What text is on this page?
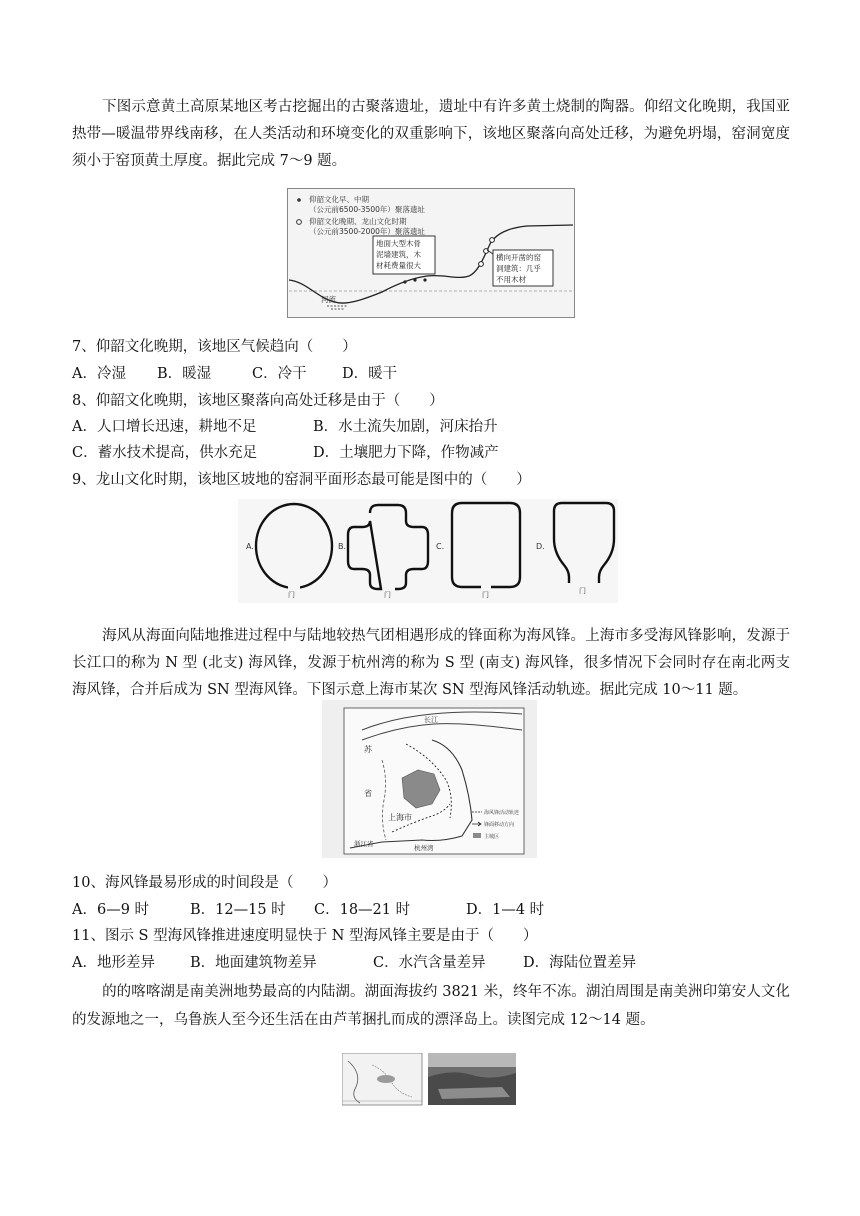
下图示意黄土高原某地区考古挖掘出的古聚落遗址，遗址中有许多黄土烧制的陶器。仰绍文化晚期，我国亚热带—暖温带界线南移，在人类活动和环境变化的双重影响下，该地区聚落向高处迁移，为避免坍塌，窑洞宽度须小于窑顶黄土厚度。据此完成 7～9 题。

仰韶文化早、中期
（公元前6500-3500年）聚落遗址
仰韶文化晚期、龙山文化时期
（公元前3500-2000年）聚落遗址
河流
地面大型木骨
泥墙建筑，木
材耗费量很大
横向开凿的窑
洞建筑：几乎
不用木材

7、仰韶文化晚期，该地区气候趋向（　　）

A．冷湿 B．暖湿	C．冷干 D．暖干

8、仰韶文化晚期，该地区聚落向高处迁移是由于（　　）

A．人口增长迅速，耕地不足	B．水土流失加剧，河床抬升
C．蓄水技术提高，供水充足	D．土壤肥力下降，作物减产

9、龙山文化时期，该地区坡地的窑洞平面形态最可能是图中的（　　）

A.
门
B.
门
C.
门
D.
门

海风从海面向陆地推进过程中与陆地较热气团相遇形成的锋面称为海风锋。上海市多受海风锋影响，发源于长江口的称为 N 型 (北支) 海风锋，发源于杭州湾的称为 S 型 (南支) 海风锋，很多情况下会同时存在南北两支海风锋，合并后成为 SN 型海风锋。下图示意上海市某次 SN 型海风锋活动轨迹。据此完成 10～11 题。

长江
苏
省
上海市
浙江省	杭州湾
海风锋活动轨迹
锋面移动方向
主城区

10、海风锋最易形成的时间段是（　　）

A．6—9 时	B．12—15 时 C．18—21 时	D．1—4 时

11、图示 S 型海风锋推进速度明显快于 N 型海风锋主要是由于（　　）

A．地形差异 B．地面建筑物差异	C．水汽含量差异	D．海陆位置差异

的的喀喀湖是南美洲地势最高的内陆湖。湖面海拔约 3821 米，终年不冻。湖泊周围是南美洲印第安人文化的发源地之一，乌鲁族人至今还生活在由芦苇捆扎而成的漂泽岛上。读图完成 12～14 题。
